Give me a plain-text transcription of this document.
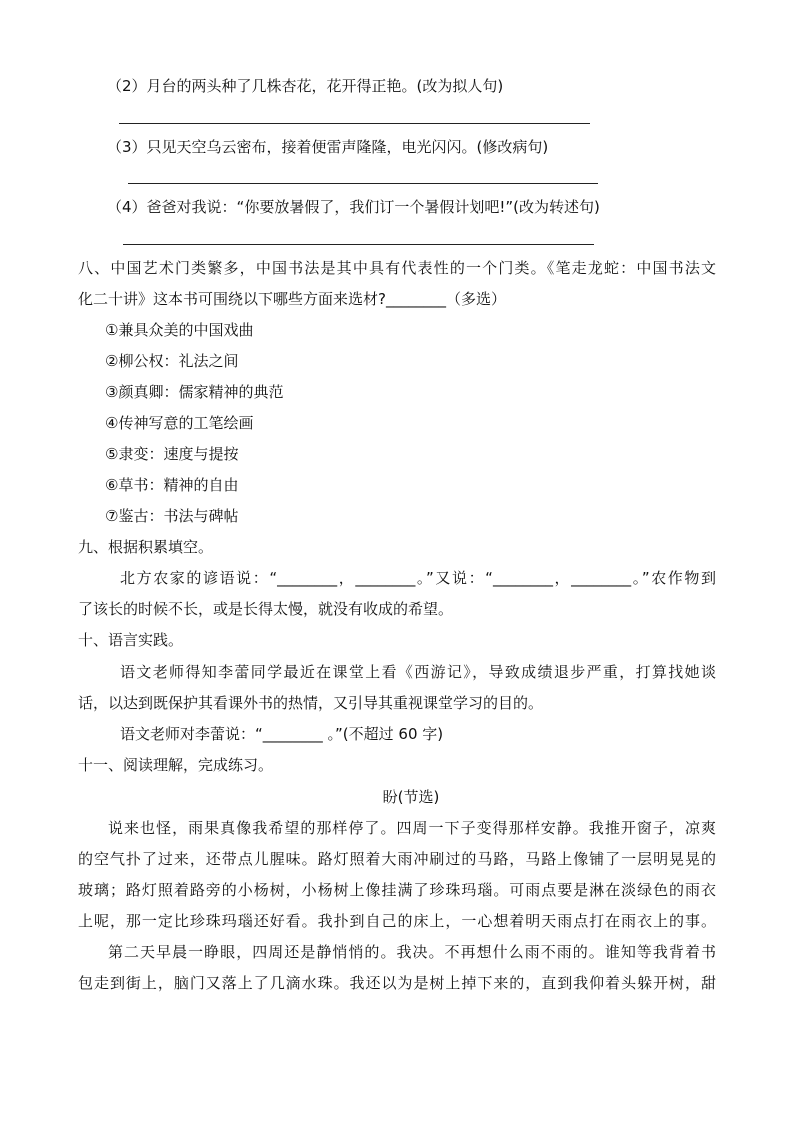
（2）月台的两头种了几株杏花，花开得正艳。(改为拟人句)
（3）只见天空乌云密布，接着便雷声隆隆，电光闪闪。(修改病句)
（4）爸爸对我说：“你要放暑假了，我们订一个暑假计划吧!”(改为转述句)
八、中国艺术门类繁多，中国书法是其中具有代表性的一个门类。《笔走龙蛇：中国书法文
化二十讲》这本书可围绕以下哪些方面来选材?________（多选）
①兼具众美的中国戏曲
②柳公权：礼法之间
③颜真卿：儒家精神的典范
④传神写意的工笔绘画
⑤隶变：速度与提按
⑥草书：精神的自由
⑦鉴古：书法与碑帖
九、根据积累填空。
北方农家的谚语说：“________，________。”又说：“________，________。”农作物到
了该长的时候不长，或是长得太慢，就没有收成的希望。
十、语言实践。
语文老师得知李蕾同学最近在课堂上看《西游记》，导致成绩退步严重，打算找她谈
话，以达到既保护其看课外书的热情，又引导其重视课堂学习的目的。
语文老师对李蕾说：“________ 。”(不超过 60 字)
十一、阅读理解，完成练习。
盼(节选)
说来也怪，雨果真像我希望的那样停了。四周一下子变得那样安静。我推开窗子，凉爽
的空气扑了过来，还带点儿腥味。路灯照着大雨冲刷过的马路，马路上像铺了一层明晃晃的
玻璃；路灯照着路旁的小杨树，小杨树上像挂满了珍珠玛瑙。可雨点要是淋在淡绿色的雨衣
上呢，那一定比珍珠玛瑙还好看。我扑到自己的床上，一心想着明天雨点打在雨衣上的事。
第二天早晨一睁眼，四周还是静悄悄的。我决。不再想什么雨不雨的。谁知等我背着书
包走到街上，脑门又落上了几滴水珠。我还以为是树上掉下来的，直到我仰着头躲开树，甜
